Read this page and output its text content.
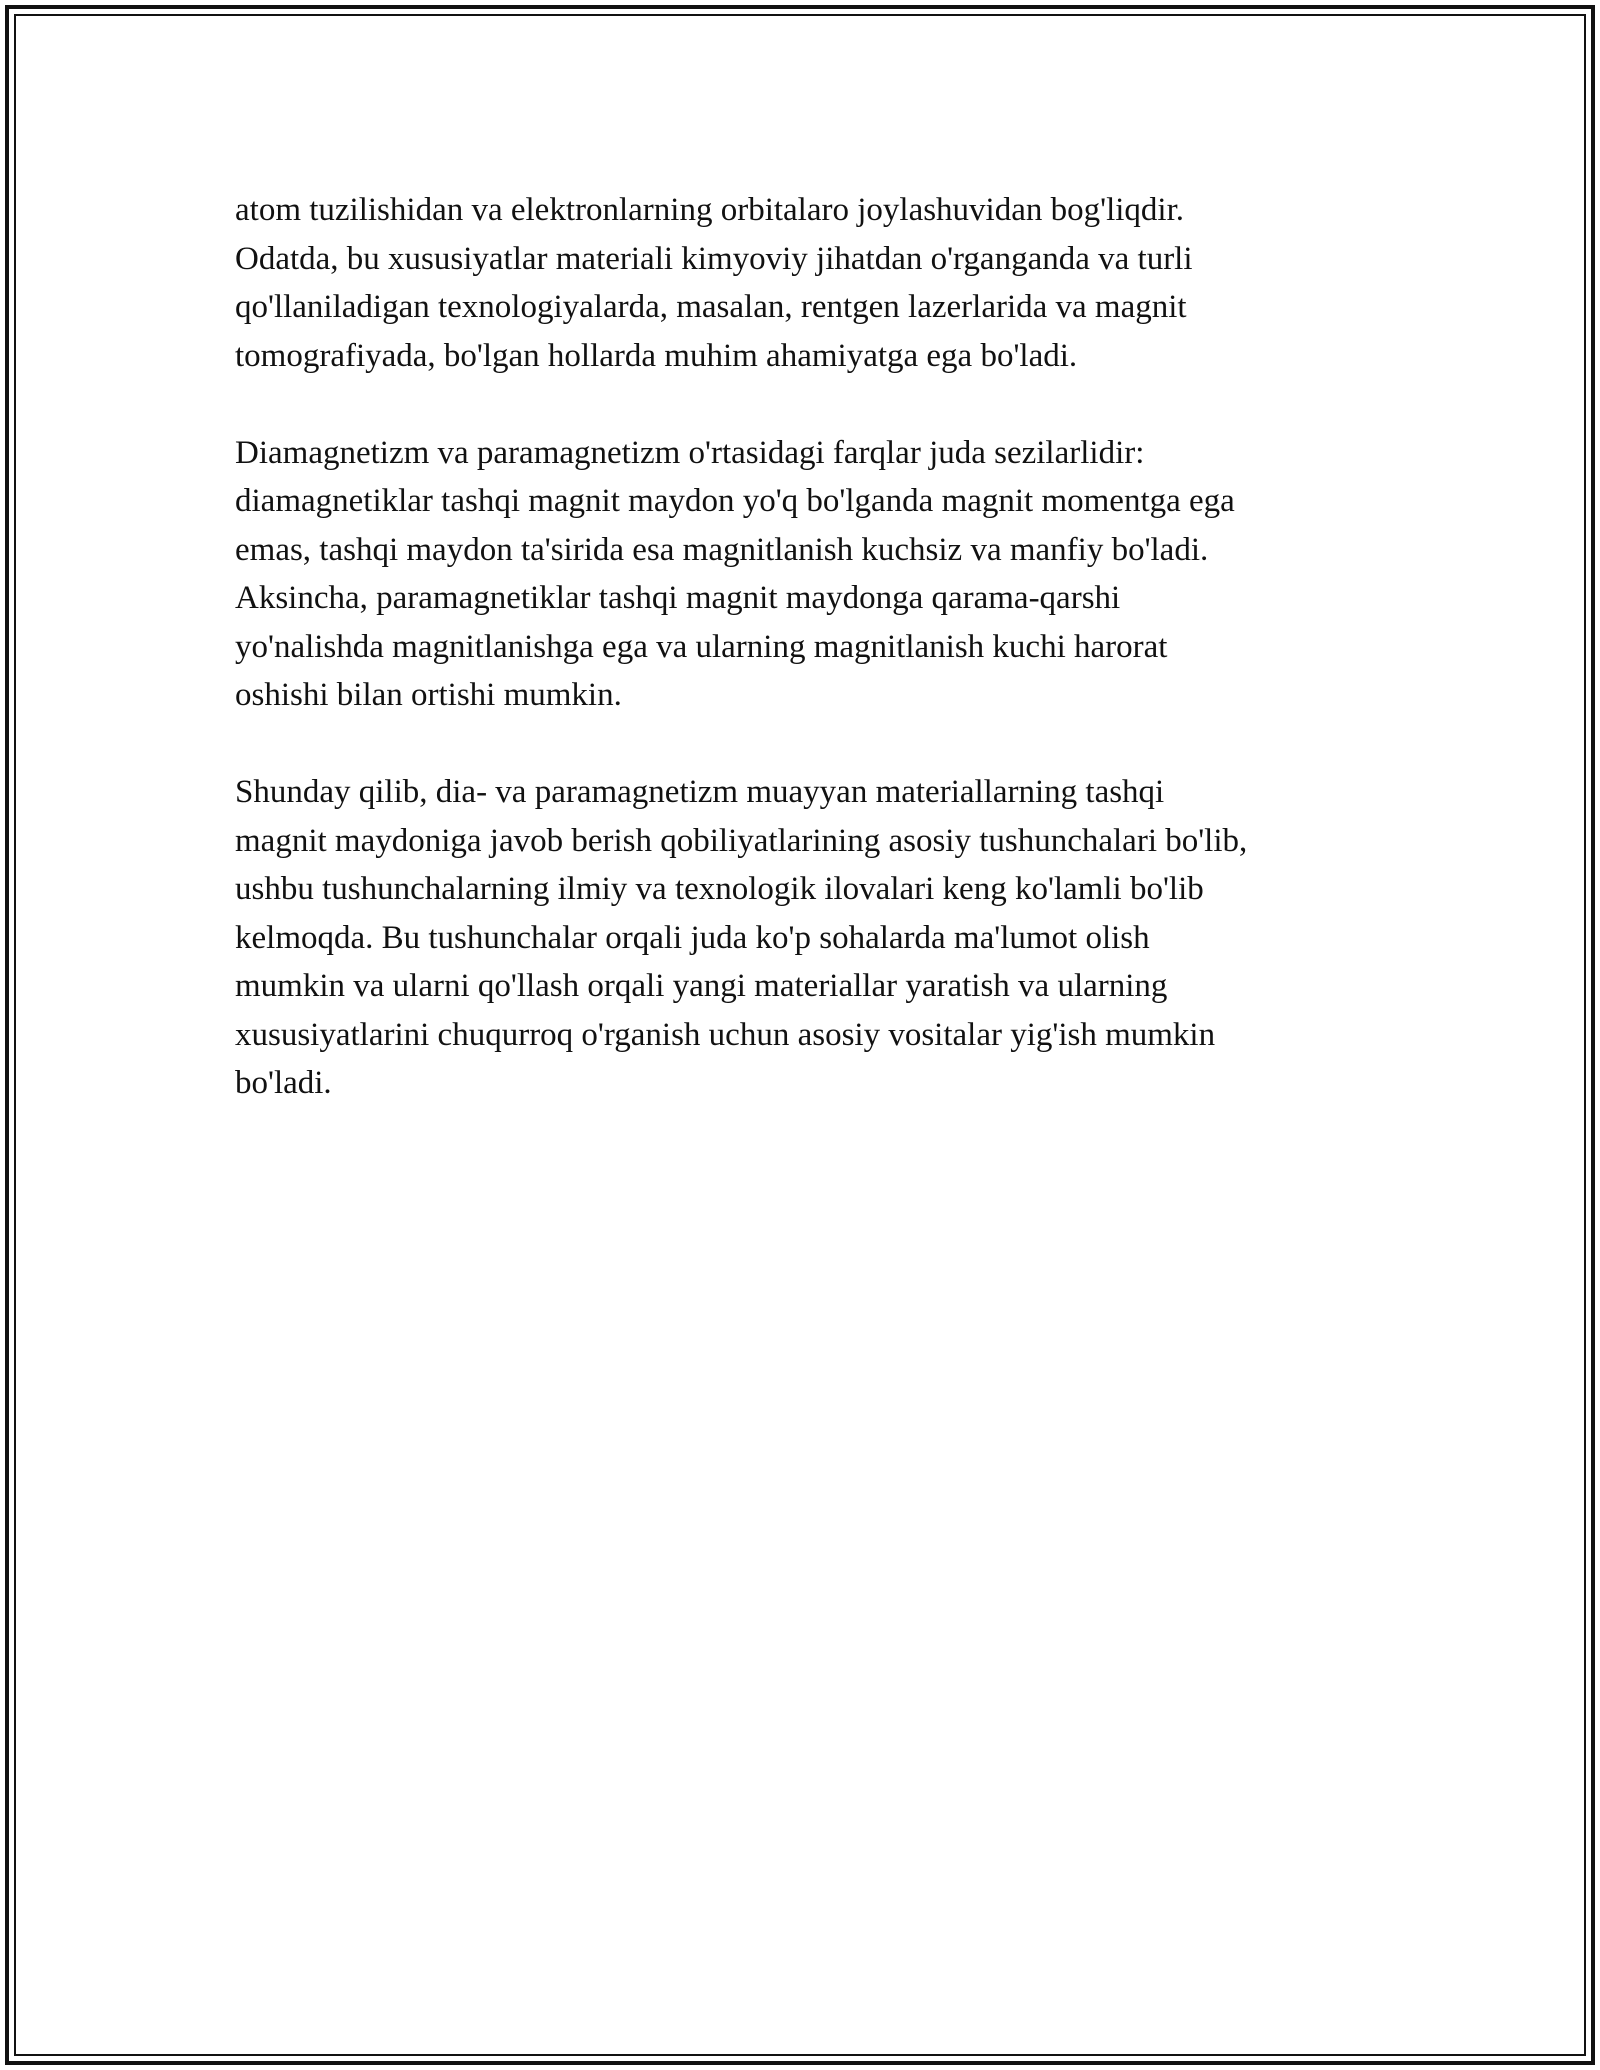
atom tuzilishidan va elektronlarning orbitalaro joylashuvidan bog'liqdir.
Odatda, bu xususiyatlar materiali kimyoviy jihatdan o'rganganda va turli
qo'llaniladigan texnologiyalarda, masalan, rentgen lazerlarida va magnit
tomografiyada, bo'lgan hollarda muhim ahamiyatga ega bo'ladi.

Diamagnetizm va paramagnetizm o'rtasidagi farqlar juda sezilarlidir:
diamagnetiklar tashqi magnit maydon yo'q bo'lganda magnit momentga ega
emas, tashqi maydon ta'sirida esa magnitlanish kuchsiz va manfiy bo'ladi.
Aksincha, paramagnetiklar tashqi magnit maydonga qarama-qarshi
yo'nalishda magnitlanishga ega va ularning magnitlanish kuchi harorat
oshishi bilan ortishi mumkin.

Shunday qilib, dia- va paramagnetizm muayyan materiallarning tashqi
magnit maydoniga javob berish qobiliyatlarining asosiy tushunchalari bo'lib,
ushbu tushunchalarning ilmiy va texnologik ilovalari keng ko'lamli bo'lib
kelmoqda. Bu tushunchalar orqali juda ko'p sohalarda ma'lumot olish
mumkin va ularni qo'llash orqali yangi materiallar yaratish va ularning
xususiyatlarini chuqurroq o'rganish uchun asosiy vositalar yig'ish mumkin
bo'ladi.
